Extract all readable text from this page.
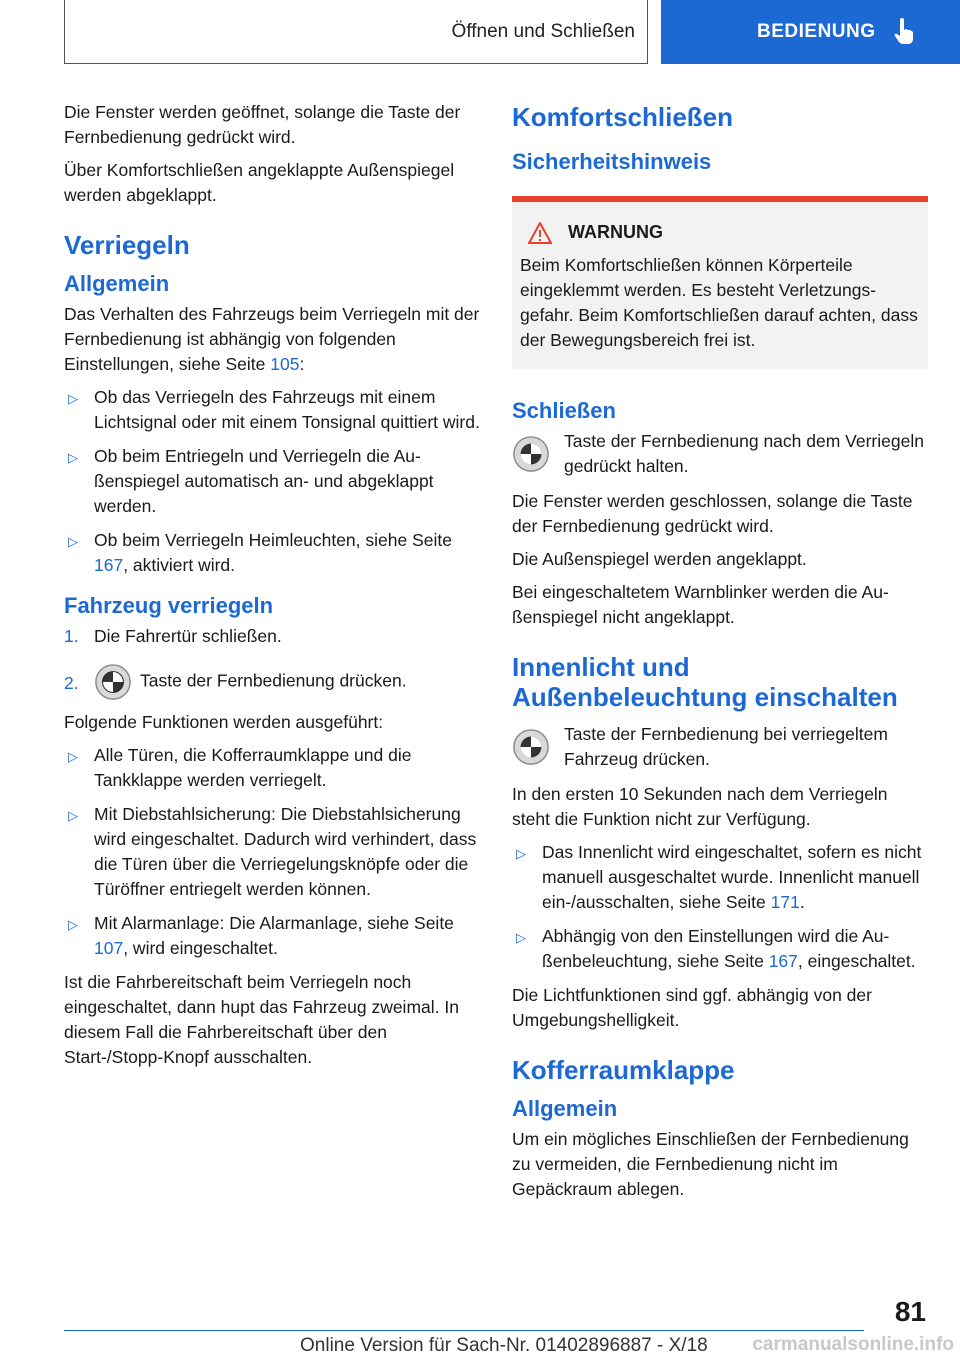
Öffnen und Schließen	BEDIENUNG

Die Fenster werden geöffnet, solange die Taste der Fernbedienung gedrückt wird.

Über Komfortschließen angeklappte Außenspiegel werden abgeklappt.

Verriegeln
Allgemein

Das Verhalten des Fahrzeugs beim Verriegeln mit der Fernbedienung ist abhängig von folgenden Einstellungen, siehe Seite 105:

▷ Ob das Verriegeln des Fahrzeugs mit einem Lichtsignal oder mit einem Tonsignal quittiert wird.
▷ Ob beim Entriegeln und Verriegeln die Außenspiegel automatisch an- und abgeklappt werden.
▷ Ob beim Verriegeln Heimleuchten, siehe Seite 167, aktiviert wird.
Fahrzeug verriegeln
1. Die Fahrertür schließen.
2.	Taste der Fernbedienung drücken.

Folgende Funktionen werden ausgeführt:

▷ Alle Türen, die Kofferraumklappe und die Tankklappe werden verriegelt.
▷ Mit Diebstahlsicherung: Die Diebstahlsicherung wird eingeschaltet. Dadurch wird verhindert, dass die Türen über die Verriegelungsknöpfe oder die Türöffner entriegelt werden können.
▷ Mit Alarmanlage: Die Alarmanlage, siehe Seite 107, wird eingeschaltet.

Ist die Fahrbereitschaft beim Verriegeln noch eingeschaltet, dann hupt das Fahrzeug zweimal. In diesem Fall die Fahrbereitschaft über den Start-/Stopp-Knopf ausschalten.

Komfortschließen
Sicherheitshinweis
WARNUNG

Beim Komfortschließen können Körperteile eingeklemmt werden. Es besteht Verletzungsgefahr. Beim Komfortschließen darauf achten, dass der Bewegungsbereich frei ist.

Schließen
Taste der Fernbedienung nach dem Verriegeln gedrückt halten.

Die Fenster werden geschlossen, solange die Taste der Fernbedienung gedrückt wird.

Die Außenspiegel werden angeklappt.

Bei eingeschaltetem Warnblinker werden die Außenspiegel nicht angeklappt.

Innenlicht und Außenbeleuchtung einschalten
Taste der Fernbedienung bei verriegeltem Fahrzeug drücken.

In den ersten 10 Sekunden nach dem Verriegeln steht die Funktion nicht zur Verfügung.

▷ Das Innenlicht wird eingeschaltet, sofern es nicht manuell ausgeschaltet wurde. Innenlicht manuell ein-/ausschalten, siehe Seite 171.
▷ Abhängig von den Einstellungen wird die Außenbeleuchtung, siehe Seite 167, eingeschaltet.

Die Lichtfunktionen sind ggf. abhängig von der Umgebungshelligkeit.

Kofferraumklappe
Allgemein

Um ein mögliches Einschließen der Fernbedienung zu vermeiden, die Fernbedienung nicht im Gepäckraum ablegen.

81
Online Version für Sach-Nr. 01402896887 - X/18 carmanualsonline.info
